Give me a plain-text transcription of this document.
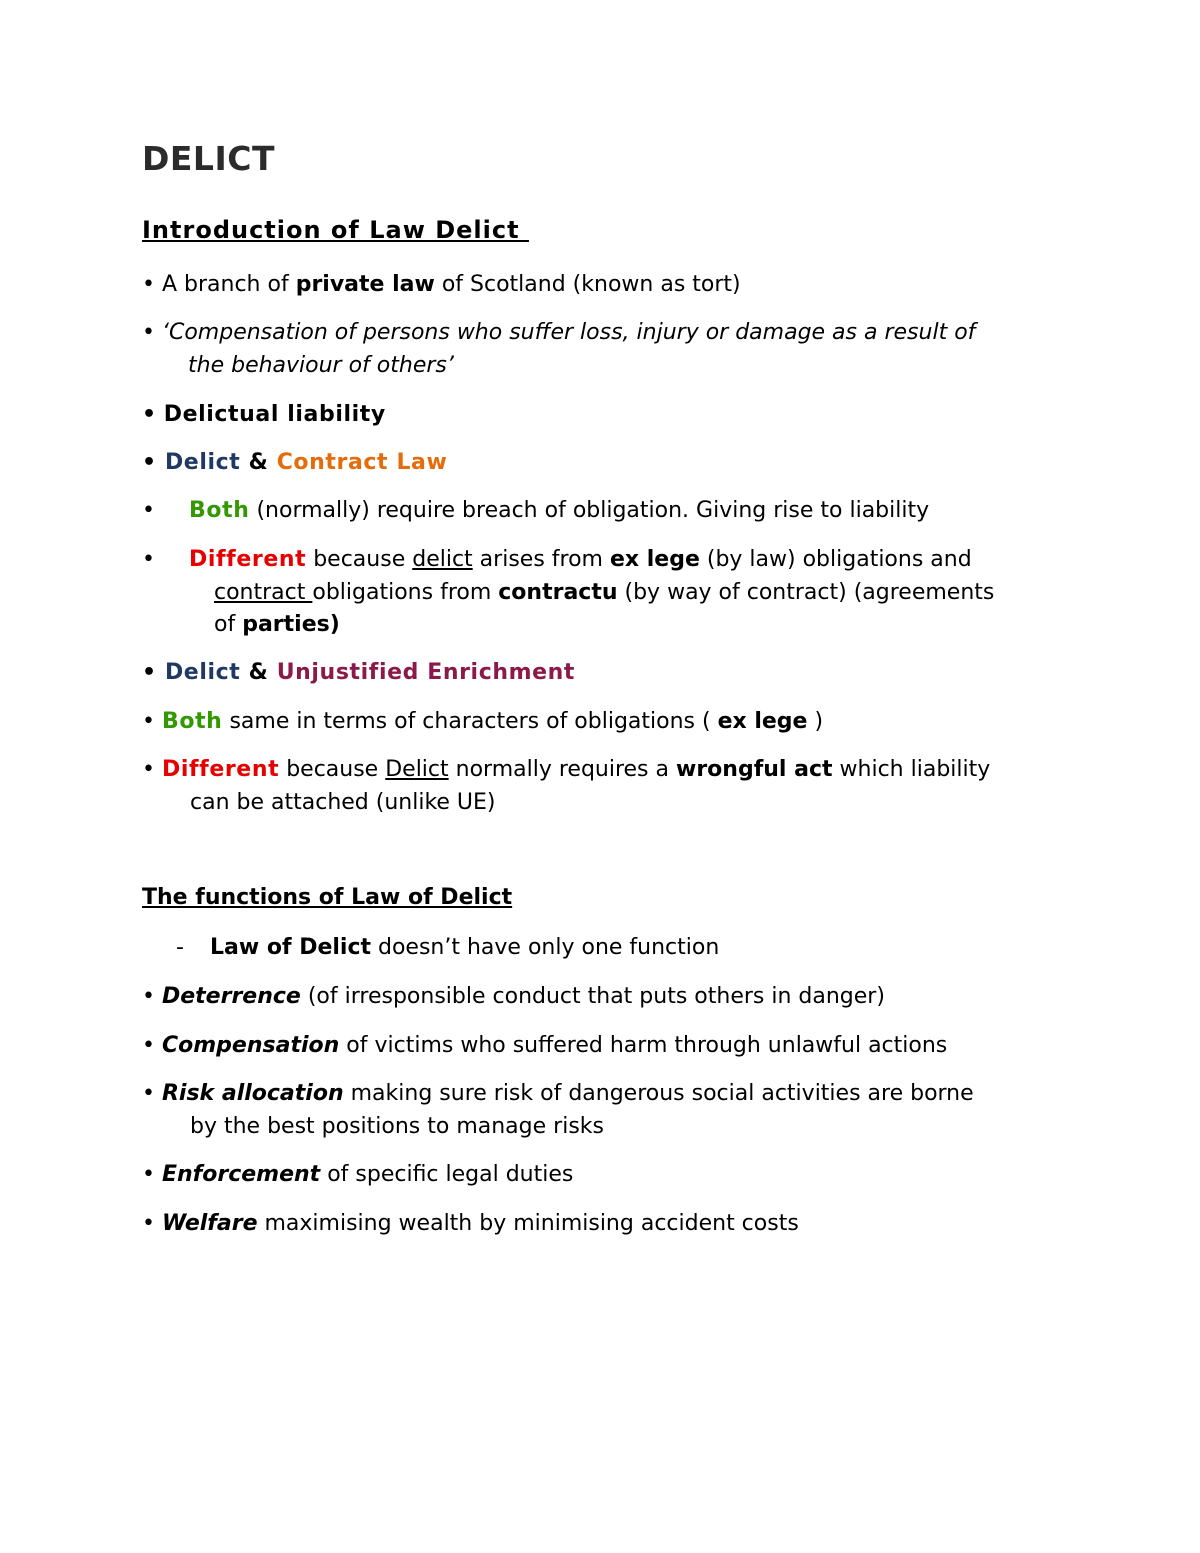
DELICT
Introduction of Law Delict
• A branch of private law of Scotland (known as tort)
• ‘Compensation of persons who suffer loss, injury or damage as a result of
the behaviour of others’
• Delictual liability
• Delict & Contract Law
• Both (normally) require breach of obligation. Giving rise to liability
• Different because delict arises from ex lege (by law) obligations and
contract obligations from contractu (by way of contract) (agreements
of parties)
• Delict & Unjustified Enrichment
• Both same in terms of characters of obligations ( ex lege )
• Different because Delict normally requires a wrongful act which liability
can be attached (unlike UE)
The functions of Law of Delict
- Law of Delict doesn’t have only one function
• Deterrence (of irresponsible conduct that puts others in danger)
• Compensation of victims who suffered harm through unlawful actions
• Risk allocation making sure risk of dangerous social activities are borne
by the best positions to manage risks
• Enforcement of specific legal duties
• Welfare maximising wealth by minimising accident costs
